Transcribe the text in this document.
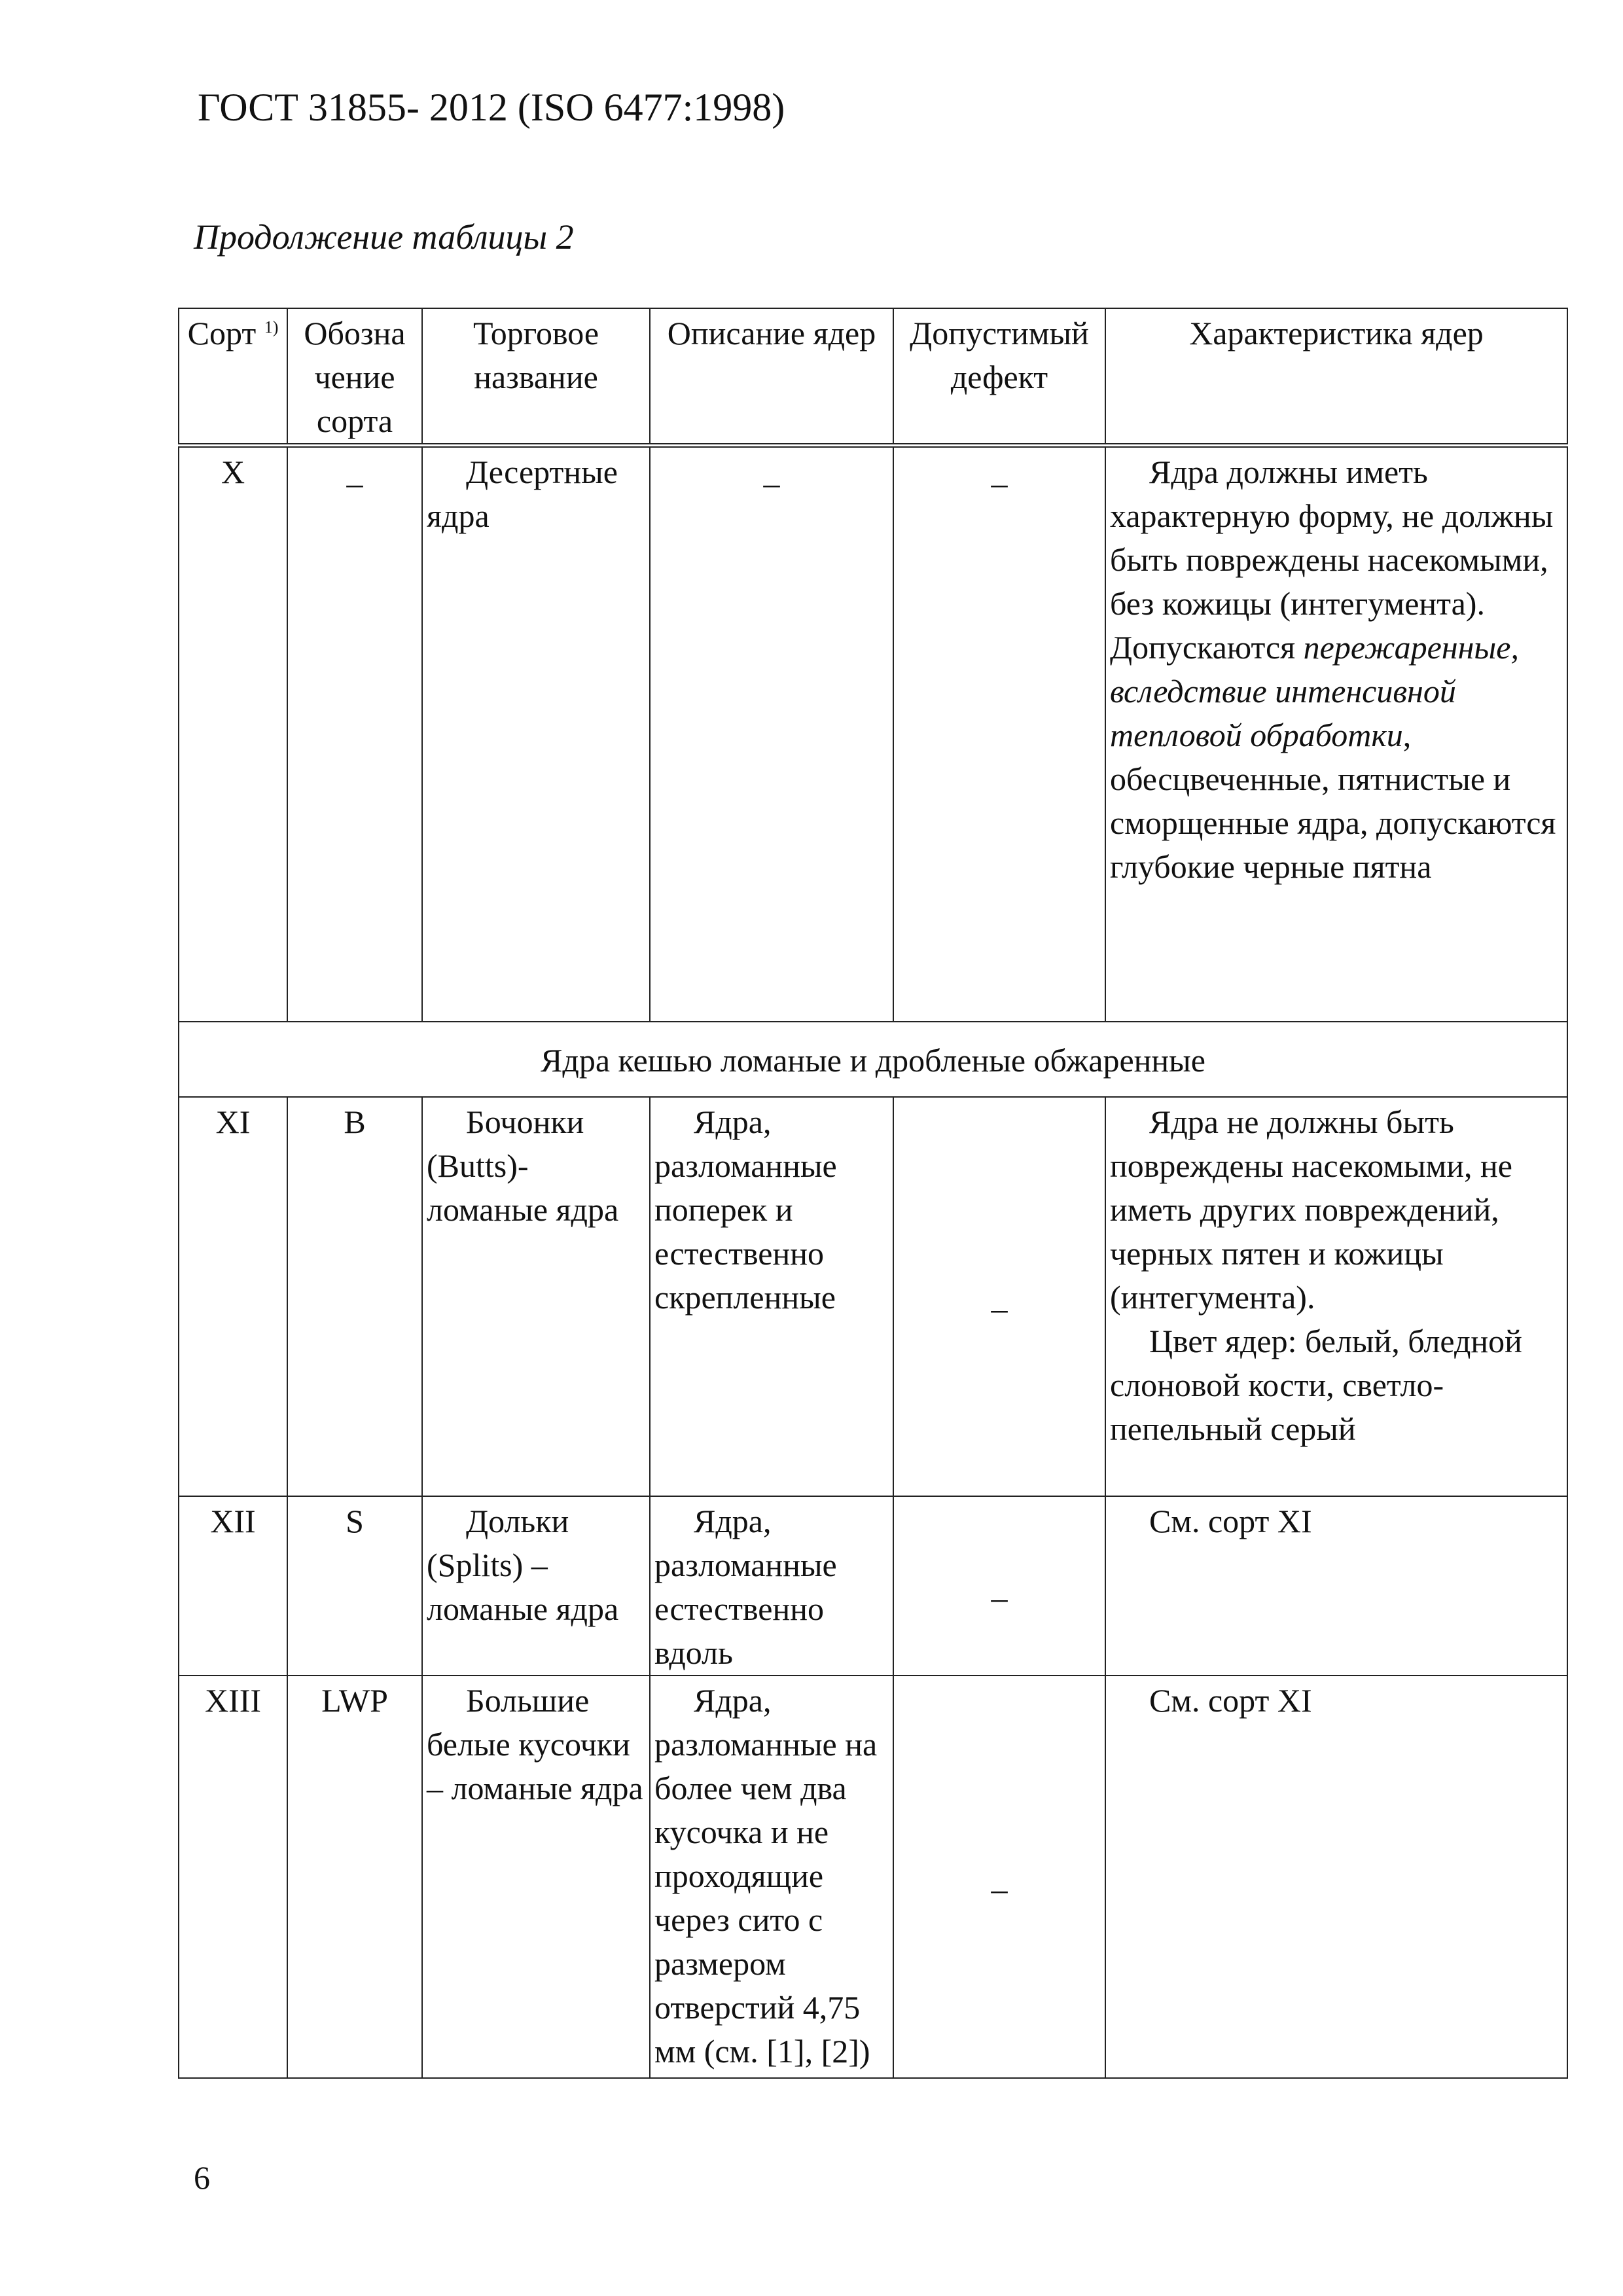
ГОСТ 31855- 2012 (ISO 6477:1998)
Продолжение таблицы 2
Сорт $^{1)}$	Обозна чение сорта	Торговое название	Описание ядер	Допустимый дефект	Характеристика ядер
X	_	Десертные ядра	_	_	Ядра должны иметь характерную форму, не должны быть повреждены насекомыми, без кожицы (интегумента). Допускаются пережаренные, вследствие интенсивной тепловой обработки, обесцвеченные, пятнистые и сморщенные ядра, допускаются глубокие черные пятна
Ядра кешью ломаные и дробленые обжаренные					
XI	B	Бочонки (Butts)- ломаные ядра	Ядра, разломанные поперек и естественно скрепленные	_	Ядра не должны быть повреждены насекомыми, не иметь других повреждений, черных пятен и кожицы (интегумента).
Цвет ядер: белый, бледной слоновой кости, светло-пепельный серый

XII	S	Дольки (Splits) – ломаные ядра	Ядра, разломанные естественно вдоль	_	См. сорт XI
XIII	LWP	Большие белые кусочки – ломаные ядра	Ядра, разломанные на более чем два кусочка и не проходящие через сито с размером отверстий 4,75 мм (см. [1], [2])	_	См. сорт XI
6
